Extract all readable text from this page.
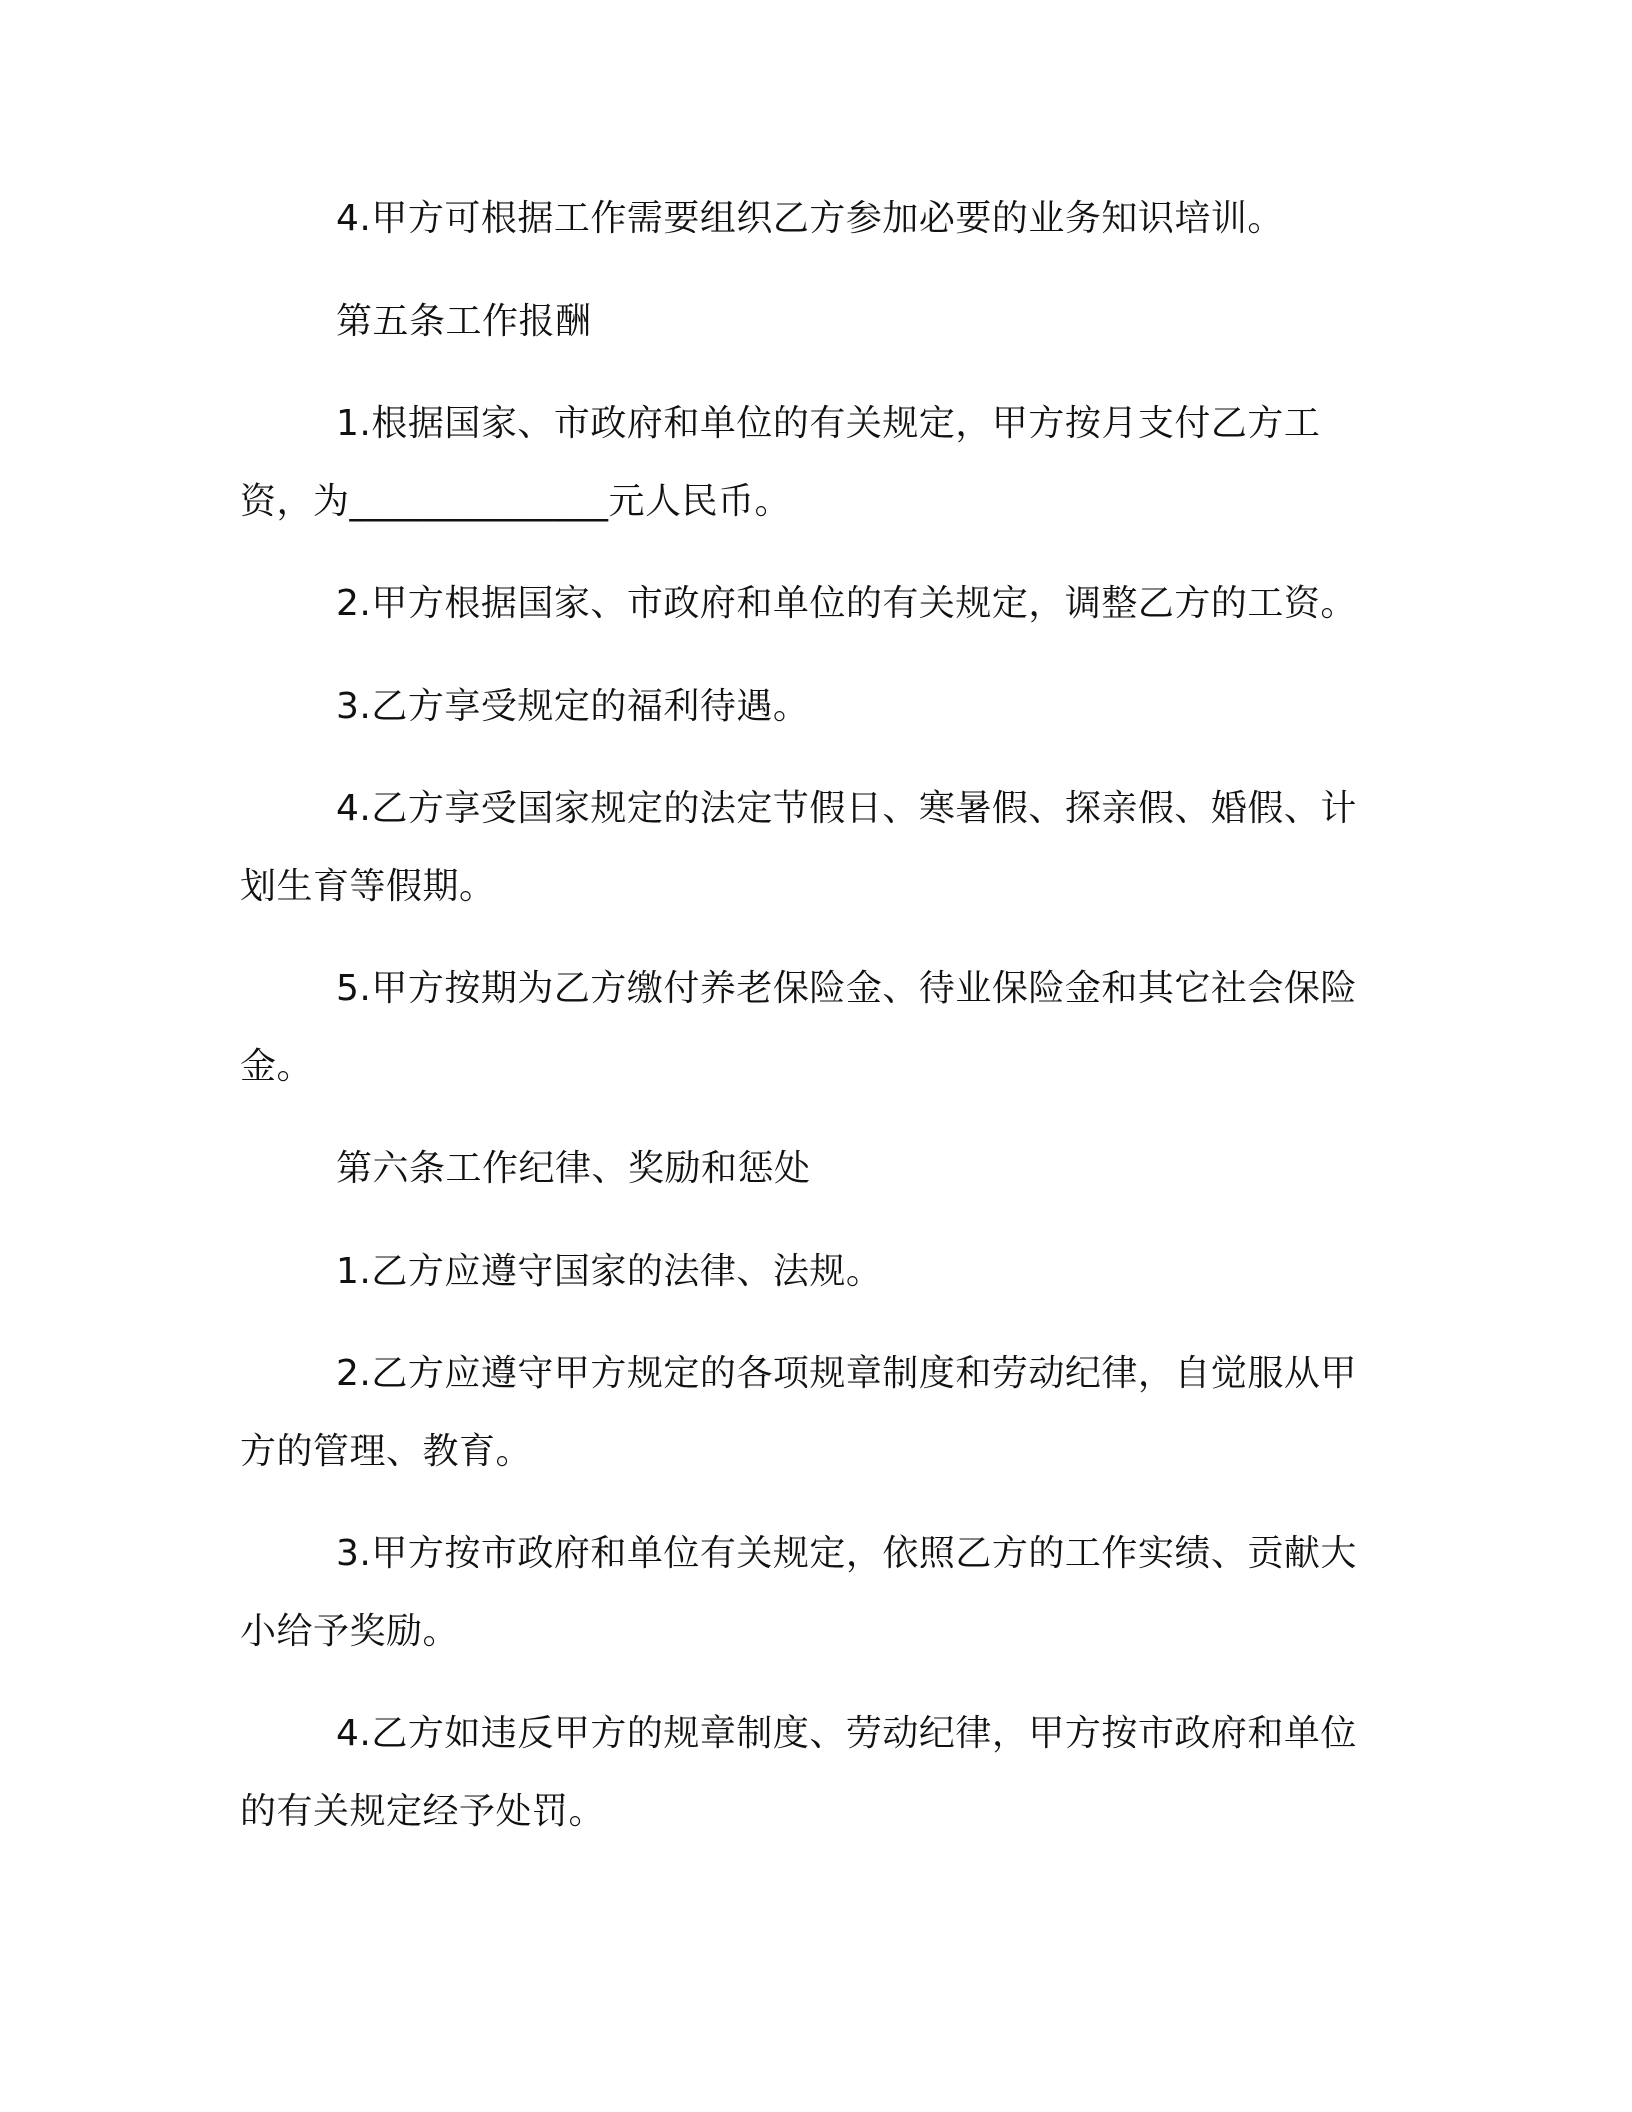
4.甲方可根据工作需要组织乙方参加必要的业务知识培训。
第五条工作报酬
1.根据国家、市政府和单位的有关规定，甲方按月支付乙方工资，为______________元人民币。
2.甲方根据国家、市政府和单位的有关规定，调整乙方的工资。
3.乙方享受规定的福利待遇。
4.乙方享受国家规定的法定节假日、寒暑假、探亲假、婚假、计划生育等假期。
5.甲方按期为乙方缴付养老保险金、待业保险金和其它社会保险金。
第六条工作纪律、奖励和惩处
1.乙方应遵守国家的法律、法规。
2.乙方应遵守甲方规定的各项规章制度和劳动纪律，自觉服从甲方的管理、教育。
3.甲方按市政府和单位有关规定，依照乙方的工作实绩、贡献大小给予奖励。
4.乙方如违反甲方的规章制度、劳动纪律，甲方按市政府和单位的有关规定经予处罚。
